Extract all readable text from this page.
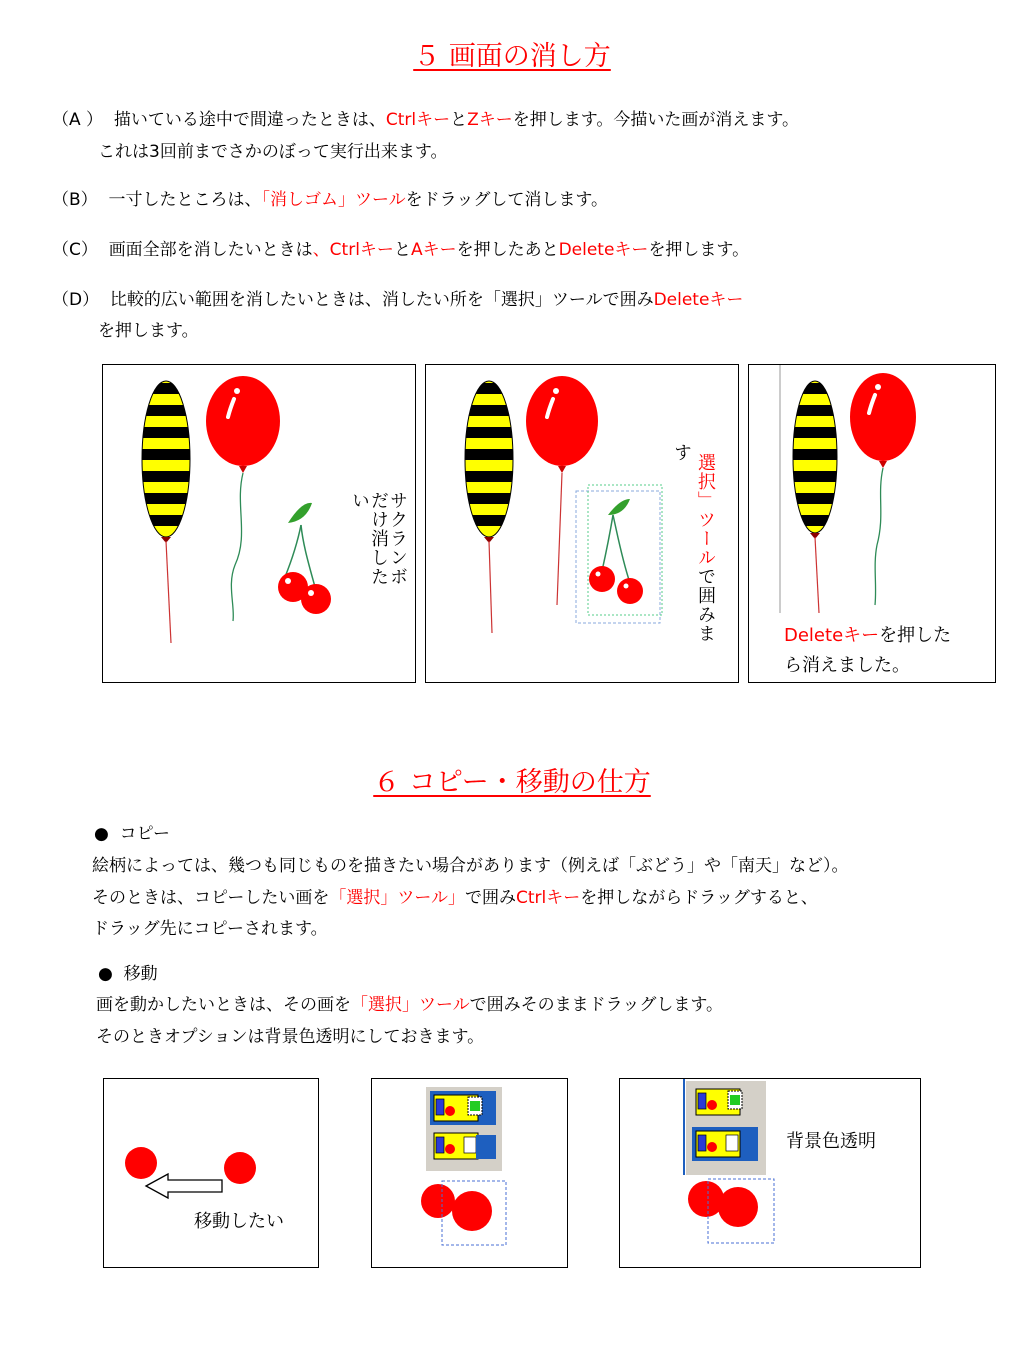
５ 画面の消し方

（A ） 描いている途中で間違ったときは、CtrlキーとZキーを押します。今描いた画が消えます。

これは3回前までさかのぼって実行出来ます。

（B） 一寸したところは、「消しゴム」ツールをドラッグして消します。

（C） 画面全部を消したいときは、CtrlキーとAキーを押したあとDeleteキーを押します。

（D） 比較的広い範囲を消したいときは、消したい所を「選択」ツールで囲みDeleteキー

を押します。

サクランボ
だけ消した
い
す
選択」ツールで囲みま	Deleteキーを押した
ら消えました。
６ コピー・移動の仕方
● コピー

絵柄によっては、幾つも同じものを描きたい場合があります（例えば「ぶどう」や「南天」など）。

そのときは、コピーしたい画を「選択」ツール」で囲みCtrlキーを押しながらドラッグすると、

ドラッグ先にコピーされます。

● 移動

画を動かしたいときは、その画を「選択」ツールで囲みそのままドラッグします。

そのときオプションは背景色透明にしておきます。

移動したい
背景色透明
